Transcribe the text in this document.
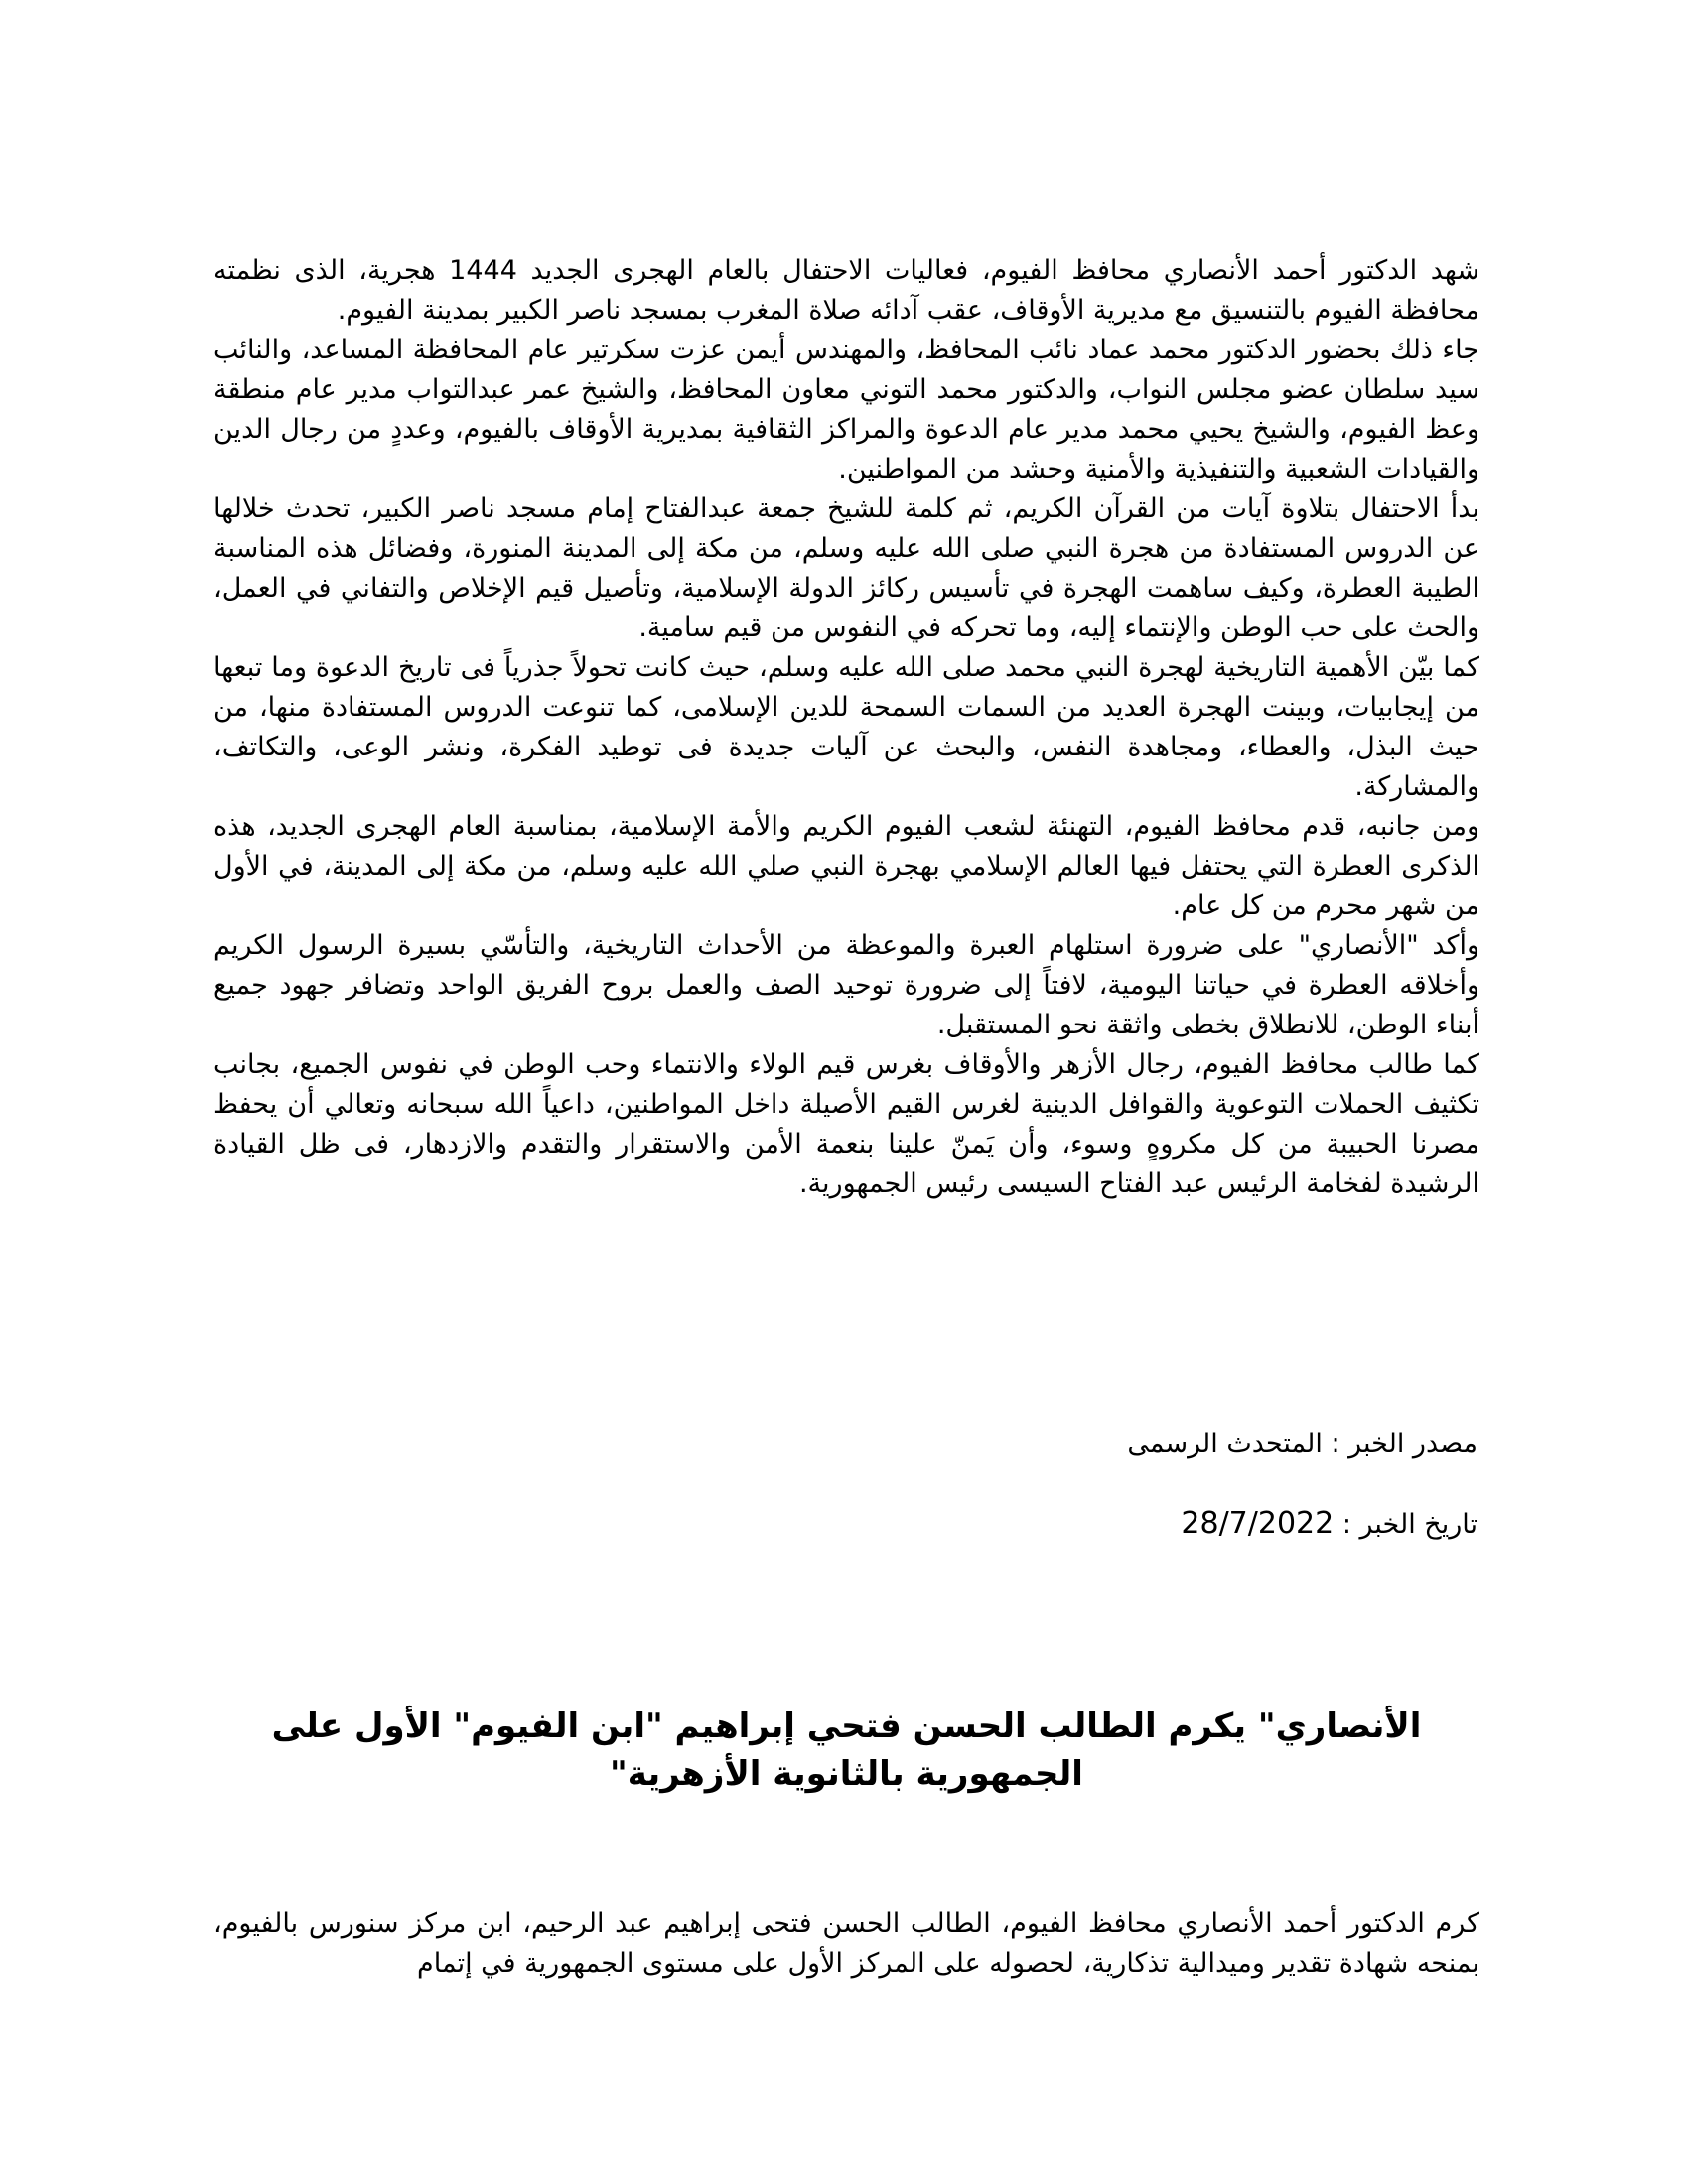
شهد الدكتور أحمد الأنصاري محافظ الفيوم، فعاليات الاحتفال بالعام الهجرى الجديد 1444 هجرية، الذى نظمته محافظة الفيوم بالتنسيق مع مديرية الأوقاف، عقب آدائه صلاة المغرب بمسجد ناصر الكبير بمدينة الفيوم.

جاء ذلك بحضور الدكتور محمد عماد نائب المحافظ، والمهندس أيمن عزت سكرتير عام المحافظة المساعد، والنائب سيد سلطان عضو مجلس النواب، والدكتور محمد التوني معاون المحافظ، والشيخ عمر عبدالتواب مدير عام منطقة وعظ الفيوم، والشيخ يحيي محمد مدير عام الدعوة والمراكز الثقافية بمديرية الأوقاف بالفيوم، وعددٍ من رجال الدين والقيادات الشعبية والتنفيذية والأمنية وحشد من المواطنين.

بدأ الاحتفال بتلاوة آيات من القرآن الكريم، ثم كلمة للشيخ جمعة عبدالفتاح إمام مسجد ناصر الكبير، تحدث خلالها عن الدروس المستفادة من هجرة النبي صلى الله عليه وسلم، من مكة إلى المدينة المنورة، وفضائل هذه المناسبة الطيبة العطرة، وكيف ساهمت الهجرة في تأسيس ركائز الدولة الإسلامية، وتأصيل قيم الإخلاص والتفاني في العمل، والحث على حب الوطن والإنتماء إليه، وما تحركه في النفوس من قيم سامية.

كما بيّن الأهمية التاريخية لهجرة النبي محمد صلى الله عليه وسلم، حيث كانت تحولاً جذرياً فى تاريخ الدعوة وما تبعها من إيجابيات، وبينت الهجرة العديد من السمات السمحة للدين الإسلامى، كما تنوعت الدروس المستفادة منها، من حيث البذل، والعطاء، ومجاهدة النفس، والبحث عن آليات جديدة فى توطيد الفكرة، ونشر الوعى، والتكاتف، والمشاركة.

ومن جانبه، قدم محافظ الفيوم، التهنئة لشعب الفيوم الكريم والأمة الإسلامية، بمناسبة العام الهجرى الجديد، هذه الذكرى العطرة التي يحتفل فيها العالم الإسلامي بهجرة النبي صلي الله عليه وسلم، من مكة إلى المدينة، في الأول من شهر محرم من كل عام.

وأكد "الأنصاري" على ضرورة استلهام العبرة والموعظة من الأحداث التاريخية، والتأسّي بسيرة الرسول الكريم وأخلاقه العطرة في حياتنا اليومية، لافتاً إلى ضرورة توحيد الصف والعمل بروح الفريق الواحد وتضافر جهود جميع أبناء الوطن، للانطلاق بخطى واثقة نحو المستقبل.

كما طالب محافظ الفيوم، رجال الأزهر والأوقاف بغرس قيم الولاء والانتماء وحب الوطن في نفوس الجميع، بجانب تكثيف الحملات التوعوية والقوافل الدينية لغرس القيم الأصيلة داخل المواطنين، داعياً الله سبحانه وتعالي أن يحفظ مصرنا الحبيبة من كل مكروهٍ وسوء، وأن يَمنّ علينا بنعمة الأمن والاستقرار والتقدم والازدهار، فى ظل القيادة الرشيدة لفخامة الرئيس عبد الفتاح السيسى رئيس الجمهورية.

مصدر الخبر : المتحدث الرسمى
تاريخ الخبر : 28/7/2022
الأنصاري" يكرم الطالب الحسن فتحي إبراهيم "ابن الفيوم" الأول على الجمهورية بالثانوية الأزهرية"

كرم الدكتور أحمد الأنصاري محافظ الفيوم، الطالب الحسن فتحى إبراهيم عبد الرحيم، ابن مركز سنورس بالفيوم، بمنحه شهادة تقدير وميدالية تذكارية، لحصوله على المركز الأول على مستوى الجمهورية في إتمام
